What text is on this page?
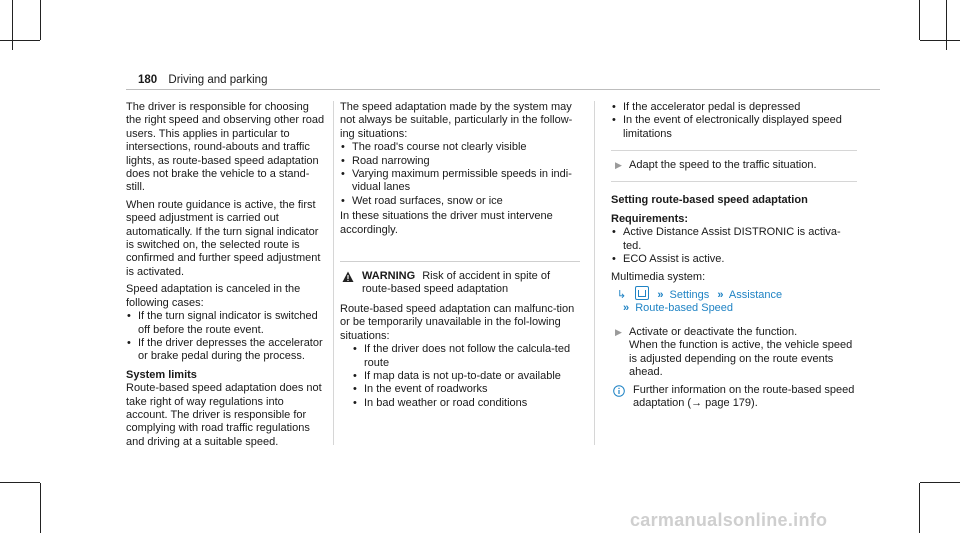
180 Driving and parking

The driver is responsible for choosing the right speed and observing other road users. This applies in particular to intersections, round-abouts and traffic lights, as route-based speed adaptation does not brake the vehicle to a stand-still.

When route guidance is active, the first speed adjustment is carried out automatically. If the turn signal indicator is switched on, the selected route is confirmed and further speed adjustment is activated.

Speed adaptation is canceled in the following cases:

• If the turn signal indicator is switched off before the route event.

• If the driver depresses the accelerator or brake pedal during the process.

System limits

Route-based speed adaptation does not take right of way regulations into account. The driver is responsible for complying with road traffic regulations and driving at a suitable speed.

The speed adaptation made by the system may not always be suitable, particularly in the follow-ing situations:

• The road's course not clearly visible

• Road narrowing

• Varying maximum permissible speeds in indi-vidual lanes

• Wet road surfaces, snow or ice

In these situations the driver must intervene accordingly.

WARNING Risk of accident in spite of route-based speed adaptation

Route-based speed adaptation can malfunc-tion or be temporarily unavailable in the fol-lowing situations:

• If the driver does not follow the calcula-ted route

• If map data is not up-to-date or available

• In the event of roadworks

• In bad weather or road conditions

• If the accelerator pedal is depressed

• In the event of electronically displayed speed limitations

▶ Adapt the speed to the traffic situation.

Setting route-based speed adaptation

Requirements:

• Active Distance Assist DISTRONIC is activa-ted.

• ECO Assist is active.

Multimedia system:

↳	» Settings » Assistance
» Route-based Speed
▶ Activate or deactivate the function.
When the function is active, the vehicle speed is adjusted depending on the route events ahead.
Further information on the route-based speed adaptation (→ page 179).
carmanualsonline.info
